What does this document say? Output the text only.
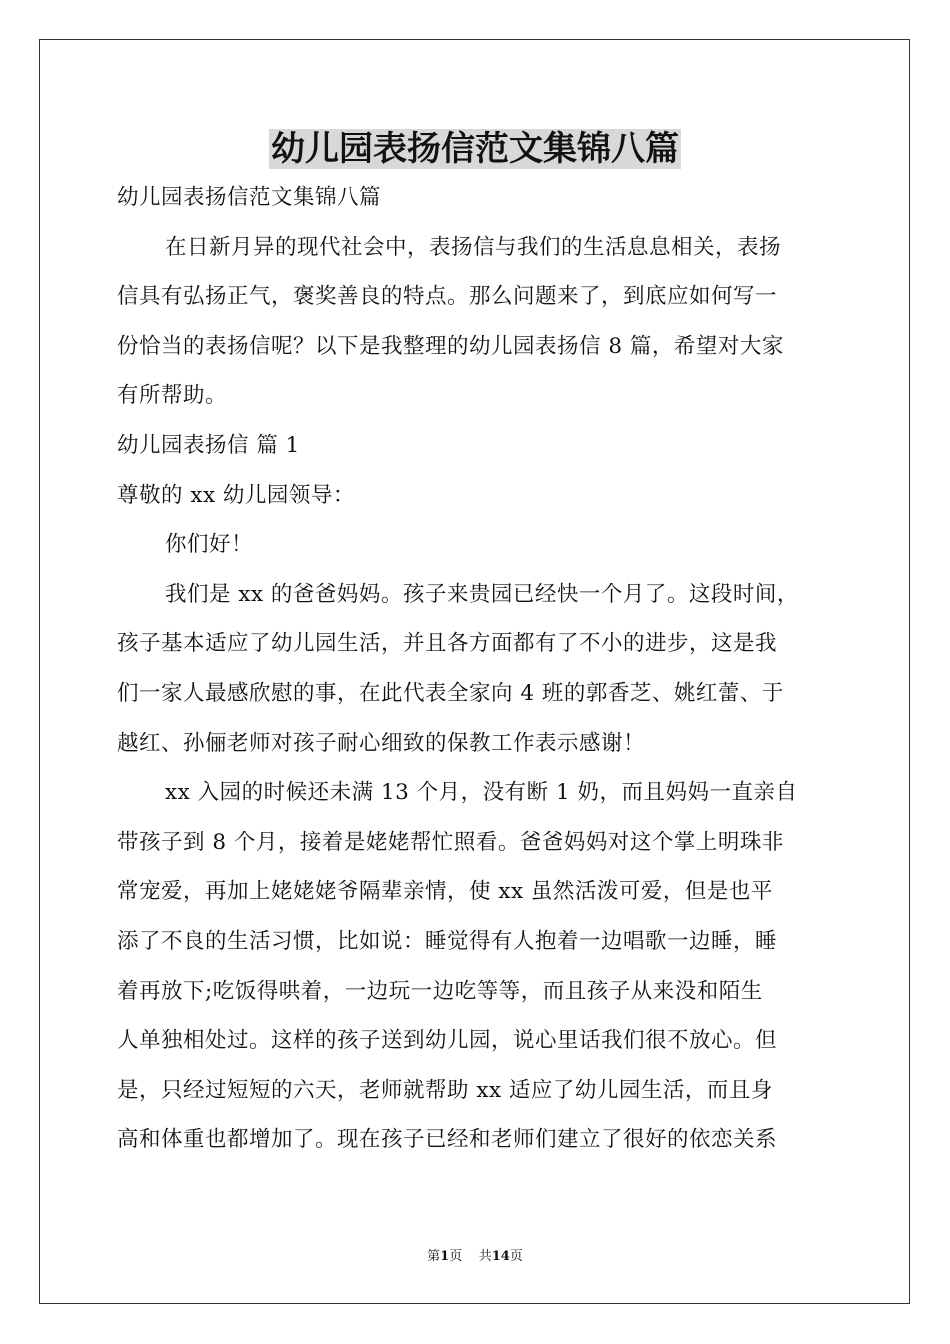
幼儿园表扬信范文集锦八篇
幼儿园表扬信范文集锦八篇
在日新月异的现代社会中，表扬信与我们的生活息息相关，表扬
信具有弘扬正气，褒奖善良的特点。那么问题来了，到底应如何写一
份恰当的表扬信呢？以下是我整理的幼儿园表扬信 8 篇，希望对大家
有所帮助。
幼儿园表扬信 篇 1
尊敬的 xx 幼儿园领导：
你们好！
我们是 xx 的爸爸妈妈。孩子来贵园已经快一个月了。这段时间，
孩子基本适应了幼儿园生活，并且各方面都有了不小的进步，这是我
们一家人最感欣慰的事，在此代表全家向 4 班的郭香芝、姚红蕾、于
越红、孙俪老师对孩子耐心细致的保教工作表示感谢！
xx 入园的时候还未满 13 个月，没有断 1 奶，而且妈妈一直亲自
带孩子到 8 个月，接着是姥姥帮忙照看。爸爸妈妈对这个掌上明珠非
常宠爱，再加上姥姥姥爷隔辈亲情，使 xx 虽然活泼可爱，但是也平
添了不良的生活习惯，比如说：睡觉得有人抱着一边唱歌一边睡，睡
着再放下;吃饭得哄着，一边玩一边吃等等，而且孩子从来没和陌生
人单独相处过。这样的孩子送到幼儿园，说心里话我们很不放心。但
是，只经过短短的六天，老师就帮助 xx 适应了幼儿园生活，而且身
高和体重也都增加了。现在孩子已经和老师们建立了很好的依恋关系
第1页 共14页
